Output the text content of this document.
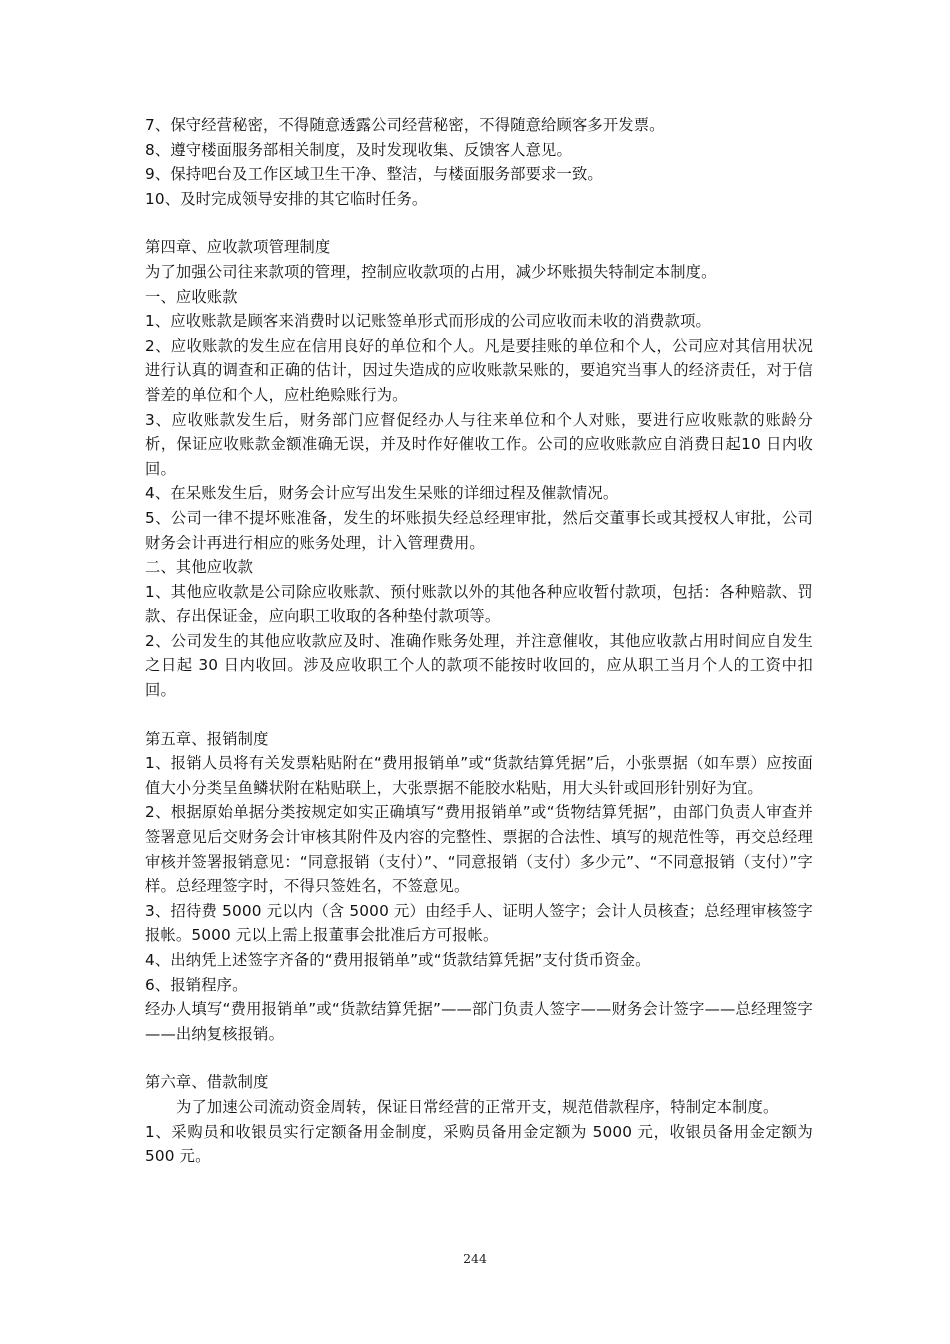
7、保守经营秘密，不得随意透露公司经营秘密，不得随意给顾客多开发票。

8、遵守楼面服务部相关制度，及时发现收集、反馈客人意见。

9、保持吧台及工作区域卫生干净、整洁，与楼面服务部要求一致。

10、及时完成领导安排的其它临时任务。

第四章、应收款项管理制度

为了加强公司往来款项的管理，控制应收款项的占用，减少坏账损失特制定本制度。

一、应收账款

1、应收账款是顾客来消费时以记账签单形式而形成的公司应收而未收的消费款项。

2、应收账款的发生应在信用良好的单位和个人。凡是要挂账的单位和个人，公司应对其信用状况进行认真的调查和正确的估计，因过失造成的应收账款呆账的，要追究当事人的经济责任，对于信誉差的单位和个人，应杜绝赊账行为。

3、应收账款发生后，财务部门应督促经办人与往来单位和个人对账，要进行应收账款的账龄分析，保证应收账款金额准确无误，并及时作好催收工作。公司的应收账款应自消费日起10 日内收回。

4、在呆账发生后，财务会计应写出发生呆账的详细过程及催款情况。

5、公司一律不提坏账准备，发生的坏账损失经总经理审批，然后交董事长或其授权人审批，公司财务会计再进行相应的账务处理，计入管理费用。

二、其他应收款

1、其他应收款是公司除应收账款、预付账款以外的其他各种应收暂付款项，包括：各种赔款、罚款、存出保证金，应向职工收取的各种垫付款项等。

2、公司发生的其他应收款应及时、准确作账务处理，并注意催收，其他应收款占用时间应自发生之日起 30 日内收回。涉及应收职工个人的款项不能按时收回的，应从职工当月个人的工资中扣回。

第五章、报销制度

1、报销人员将有关发票粘贴附在“费用报销单”或“货款结算凭据”后，小张票据（如车票）应按面值大小分类呈鱼鳞状附在粘贴联上，大张票据不能胶水粘贴，用大头针或回形针别好为宜。

2、根据原始单据分类按规定如实正确填写“费用报销单”或“货物结算凭据”，由部门负责人审查并签署意见后交财务会计审核其附件及内容的完整性、票据的合法性、填写的规范性等，再交总经理审核并签署报销意见：“同意报销（支付）”、“同意报销（支付）多少元”、“不同意报销（支付）”字样。总经理签字时，不得只签姓名，不签意见。

3、招待费 5000 元以内（含 5000 元）由经手人、证明人签字；会计人员核查；总经理审核签字报帐。5000 元以上需上报董事会批准后方可报帐。

4、出纳凭上述签字齐备的“费用报销单”或“货款结算凭据”支付货币资金。

6、报销程序。

经办人填写“费用报销单”或“货款结算凭据”——部门负责人签字——财务会计签字——总经理签字——出纳复核报销。

第六章、借款制度

为了加速公司流动资金周转，保证日常经营的正常开支，规范借款程序，特制定本制度。

1、采购员和收银员实行定额备用金制度，采购员备用金定额为 5000 元，收银员备用金定额为 500 元。

244
